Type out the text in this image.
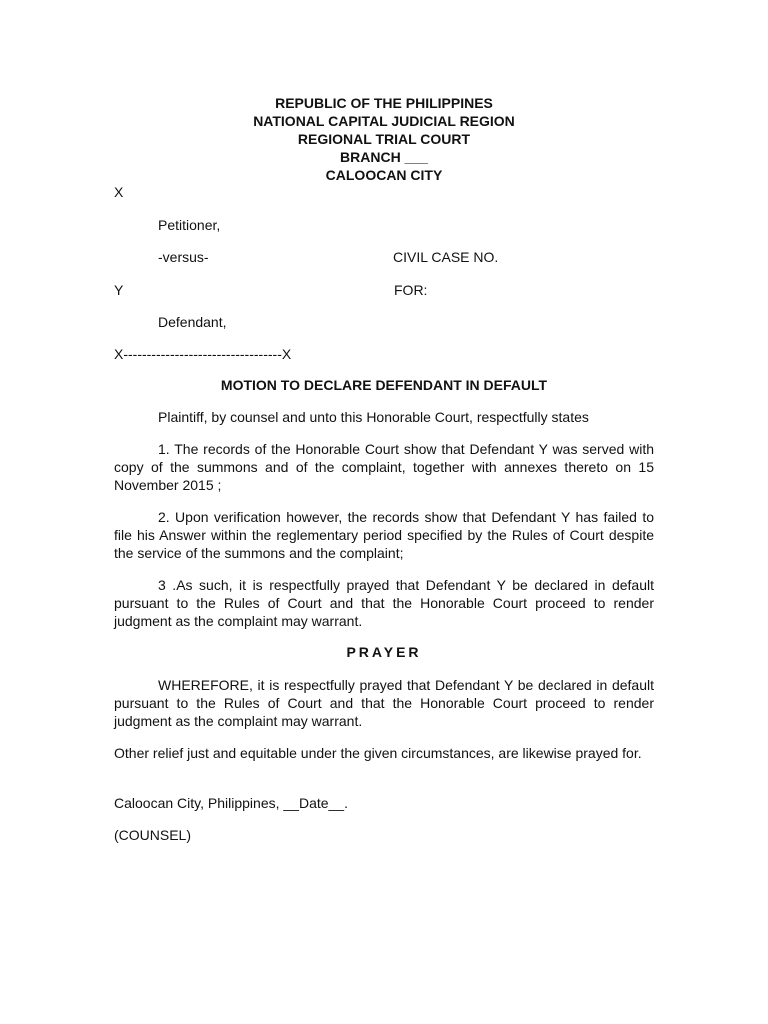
REPUBLIC OF THE PHILIPPINES
NATIONAL CAPITAL JUDICIAL REGION
REGIONAL TRIAL COURT
BRANCH ___
CALOOCAN CITY
X
Petitioner,
-versus-	CIVIL CASE NO.
Y	FOR:
Defendant,
X----------------------------------X
MOTION TO DECLARE DEFENDANT IN DEFAULT
Plaintiff, by counsel and unto this Honorable Court, respectfully states
1. The records of the Honorable Court show that Defendant Y was served with copy of the summons and of the complaint, together with annexes thereto on 15 November 2015 ;
2. Upon verification however, the records show that Defendant Y has failed to file his Answer within the reglementary period specified by the Rules of Court despite the service of the summons and the complaint;
3 .As such, it is respectfully prayed that Defendant Y be declared in default pursuant to the Rules of Court and that the Honorable Court proceed to render judgment as the complaint may warrant.
PRAYER
WHEREFORE, it is respectfully prayed that Defendant Y be declared in default pursuant to the Rules of Court and that the Honorable Court proceed to render judgment as the complaint may warrant.
Other relief just and equitable under the given circumstances, are likewise prayed for.
Caloocan City, Philippines, __Date__.
(COUNSEL)
